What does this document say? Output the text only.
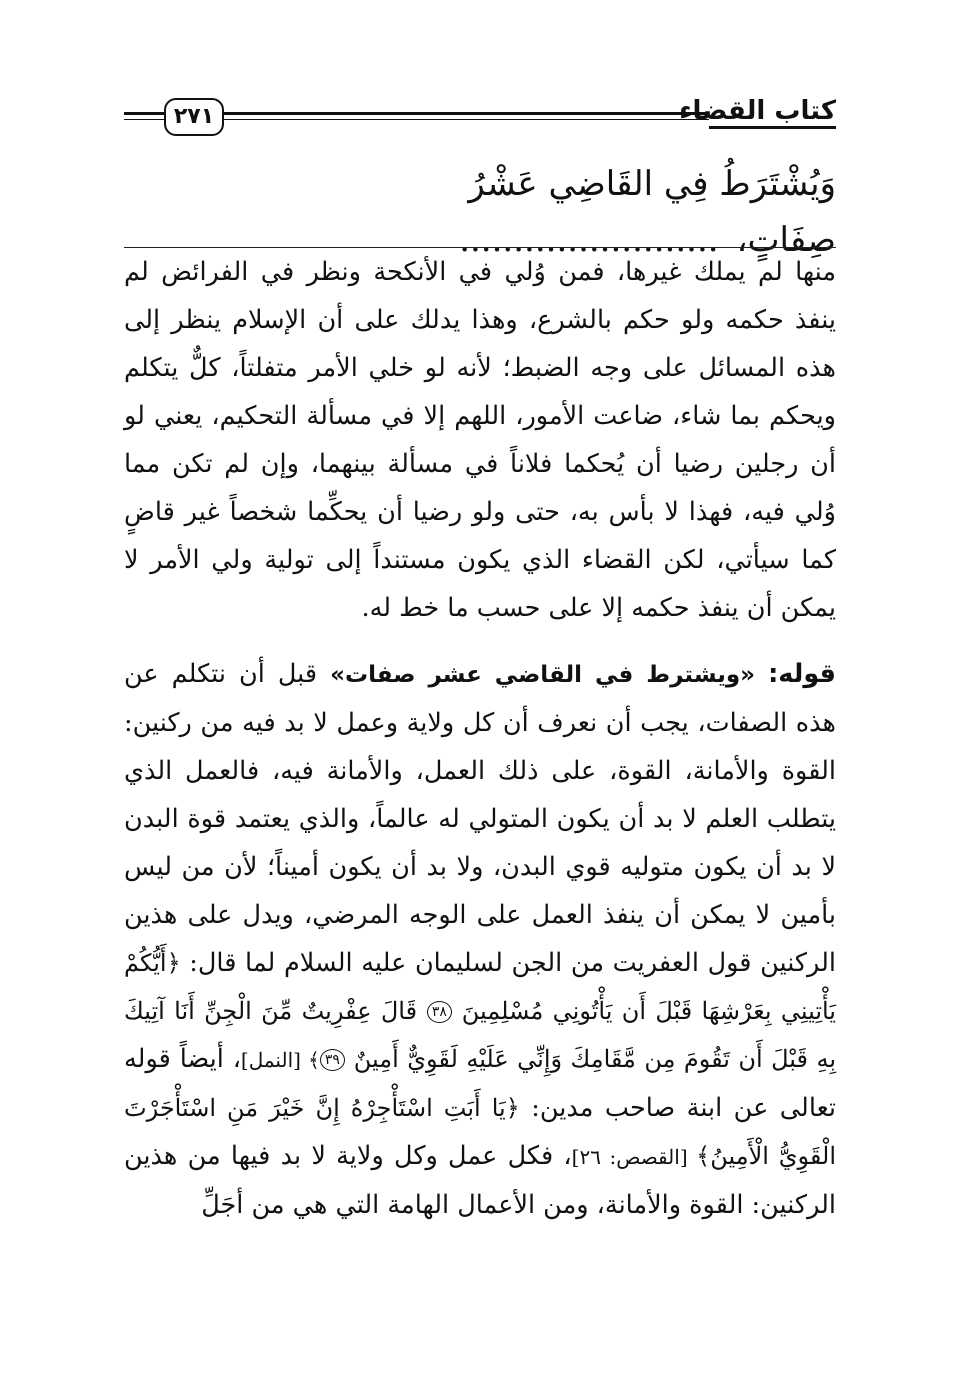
كتاب القضاء
٢٧١
وَيُشْتَرَطُ فِي القَاضِي عَشْرُ صِفَاتٍ،........................

منها لم يملك غيرها، فمن وُلي في الأنكحة ونظر في الفرائض لم ينفذ حكمه ولو حكم بالشرع، وهذا يدلك على أن الإسلام ينظر إلى هذه المسائل على وجه الضبط؛ لأنه لو خلي الأمر متفلتاً، كلٌّ يتكلم ويحكم بما شاء، ضاعت الأمور، اللهم إلا في مسألة التحكيم، يعني لو أن رجلين رضيا أن يُحكما فلاناً في مسألة بينهما، وإن لم تكن مما وُلي فيه، فهذا لا بأس به، حتى ولو رضيا أن يحكِّما شخصاً غير قاضٍ كما سيأتي، لكن القضاء الذي يكون مستنداً إلى تولية ولي الأمر لا يمكن أن ينفذ حكمه إلا على حسب ما خط له.

قوله: «ويشترط في القاضي عشر صفات» قبل أن نتكلم عن هذه الصفات، يجب أن نعرف أن كل ولاية وعمل لا بد فيه من ركنين: القوة والأمانة، القوة، على ذلك العمل، والأمانة فيه، فالعمل الذي يتطلب العلم لا بد أن يكون المتولي له عالماً، والذي يعتمد قوة البدن لا بد أن يكون متوليه قوي البدن، ولا بد أن يكون أميناً؛ لأن من ليس بأمين لا يمكن أن ينفذ العمل على الوجه المرضي، ويدل على هذين الركنين قول العفريت من الجن لسليمان عليه السلام لما قال: ﴿أَيُّكُمْ يَأْتِينِي بِعَرْشِهَا قَبْلَ أَن يَأْتُونِي مُسْلِمِينَ ٣٨ قَالَ عِفْرِيتٌ مِّنَ الْجِنِّ أَنَا آتِيكَ بِهِ قَبْلَ أَن تَقُومَ مِن مَّقَامِكَ وَإِنِّي عَلَيْهِ لَقَوِيٌّ أَمِينٌ ٣٩﴾ [النمل]، أيضاً قوله تعالى عن ابنة صاحب مدين: ﴿يَا أَبَتِ اسْتَأْجِرْهُ إِنَّ خَيْرَ مَنِ اسْتَأْجَرْتَ الْقَوِيُّ الْأَمِينُ﴾ [القصص: ٢٦]، فكل عمل وكل ولاية لا بد فيها من هذين الركنين: القوة والأمانة، ومن الأعمال الهامة التي هي من أجَلِّ
